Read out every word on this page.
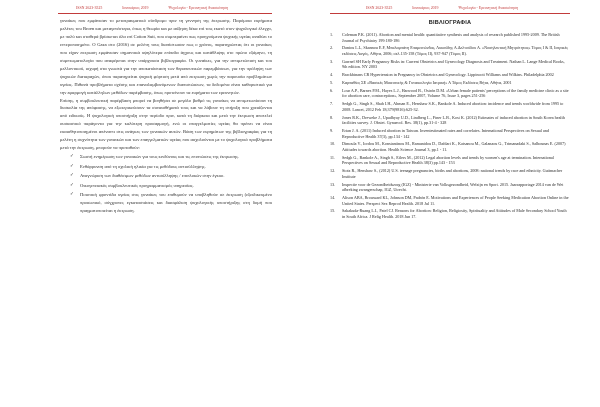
ISSN 2623-3525	Ιανουάριος 2019	Ψυχολογία - Ερευνητική Ανασκόπηση

γυναίκες που εμφάνισαν το μετατραυματικό σύνδρομο πριν τη γεννηση της έκτρωσης. Παρόμοια ευρήματα μελέτες του Broen και μεταγενέστερα, όπως η θεωρία και με αύξηση δέκα επί τοις εκατό στον ψυχολογικό έλεγχο, με πολύ και σταθερά βρίσκεται όλα επί Cotton Sutt, που συμπεραίνει πως προηγούμενα ψυχικής υγείας αναδύει το εντεροποιημένο. Ο Gaza στο (2016) σε μελέτη τους διαπίστωσαν πως ο χρόνος, παρατηρώντας ότι οι γυναίκες που είχαν εκτρωση εμφάνισαν σημαντικά υψηλότερα επίπεδα άγχους και κατάθλιψης στο πρώτο εξάμηνο, τη συμπτωματολογία που αναφέρεται στην υπάρχουσα βιβλιογραφία. Οι γυναίκες, για την αντιμετώπιση και του μελλοντικού, ισχυρή στα γνωστά για την αποκατάσταση των θεραπευτικών παρεμβάσεων, για την πρόληψη των ψυχικών διαταραχών, όπου παρατηρείται ψυχική φόρτιση μετά από εκτρωση χωρίς την παρουσία προβλημάτων υγείας. Πιθανά προβλήματα σχέσης και επαναλαμβανόμενων διαπιστώσεων, τα δεδομένα είναι καθοριστικά για την εφαρμογή κατάλληλων μεθόδων παρέμβασης, όπως προτείνουν τα ευρήματα των ερευνητών.

Επίσης, η συμβουλευτική παρέμβαση μπορεί να βοηθήσει σε μεγάλο βαθμό τις γυναίκες να αντιμετωπίσουν τη δυσκολία της απόφασης, να εξωτερικεύσουν τα συναισθήματά τους και να λάβουν τη στήριξη που χρειάζονται από ειδικούς. Η ψυχολογική υποστήριξη στην περίοδο πριν, κατά τη διάρκεια και μετά την έκτρωση αποτελεί ουσιαστικό παράγοντα για την καλύτερη προσαρμογή, ενώ οι επαγγελματίες υγείας θα πρέπει να είναι ευαισθητοποιημένοι απέναντι στις ανάγκες των γυναικών αυτών. Βάση των ευρημάτων της βιβλιογραφίας για τη μελέτη η συχνότητα των γυναικών και των επαγγελματιών υγείας που ασχολούνται με το ψυχολογικό προβλήματα μετά την έκτρωση, μπορούν να προταθούν:

✓ Σωστή ενημέρωση των γυναικών για τους κινδύνους και τις επιπτώσεις της έκτρωσης.
✓ Ενθάρρυνση από τη σχολική ηλικία για τις μεθόδους αντισύλληψης.
✓ Αναγνώριση των διαθέσιμων μεθόδων αντισύλληψης / επιπλοκών στην έγκυο.
✓ Οικογενειακός συμβουλευτικός προγραμματισμός υπηρεσίας.
✓ Ποιοτική φροντίδα υγείας στις γυναίκες του επιθυμούν να υποβληθούν σε έκτρωση (εξειδικευμένο προσωπικό, σύγχρονες εγκαταστάσεις και διασφάλιση ψυχολογικής υποστήριξης στη δομή που πραγματοποιείται η έκτρωση.
ISSN 2623-3525	Ιανουάριος 2019	Ψυχολογία - Ερευνητική Ανασκόπηση
ΒΙΒΛΙΟΓΡΑΦΙΑ
1.	Coleman P.K. (2011). Abortion and mental health: quantitative synthesis and analysis of research published 1995-2009. The British Journal of Psychiatry 199:180-186
2.	Daniou L.L, Skannou E.F, Μπαλαμπάνη Επαμεινώνδας, Λυκούδης Α.Δελτούδου Α. «Νοσηλευτική Μητρότητας» Τόμος Ι & II, Ιατρικές εκδόσεις Λαγός, Αθήνα, 2006; σελ.135-158 (Τόμος II), 937-947 (Τόμος II).
3.	Garrnel SH Early Pregnancy Risks in: Current Obstetrics and Gynecology Diagnosis and Treatment. Nathan L. Lange Medical Books, 9th edition. NY 2003
4.	Brackbinans CR Hypertension in Pregnancy in Obstetrics and Gynecology. Lippincott Williams and Wilkins. Philadelphia 2002
5.	Καρπαθίος ΣΕ «Βασικές Μαιευτικής & Γυναικολογία Ιατρική» Α Τόμος Εκδόσεις Βήτα, Αθήνα, 2001
6.	Lour A.P., Barnes P.M., Hayes L.J., Harwood B., Ostrón D.M. «Urban female patients' perceptions of the family medicine clinic as a site for abortion care, contraception», September 2007, Volume 76, Issue 3, pages 251-256
7.	Sedgh G., Singh S., Shah I.H., Ahman E., Henshaw S.K., Bankole A. Induced abortion: incidence and trends worldwide from 1995 to 2008. Lancet, 2012 Feb 18;379(9816):625-32.
8.	Jones R.K., Dreweke J., Upadhyay U.D., Lindberg L., Finer L.B., Kost K. (2012) Estimates of induced abortion in South Korea health facilities survey. J. Obstet. Gynaecol. Res. 38(1), pp.31-4 - 328
9.	Ertan J. A. (2011) Induced abortion in Taiwan. Inventestimated rates and correlates. International Perspectives on Sexual and Reproductive Health 37(3), pp.134 - 142
10.	Dimoula V., Iordou M., Konstantinou M., Ramanidou D., Dafdari K., Katsanou M., Galanaou G., Trimanadaki S., Salbounas E. (2007) Attitudes towards abortion. Health Science Journal 3, pp.1 - 11.
11.	Sedgh G., Bankole A., Singh S., Eilers M., (2012) Legal abortion levels and trends by women's age at termination. International Perspectives on Sexual and Reproductive Health 38(3) pp.143 - 153
12.	Stotz R., Henshaw S., (2012) U.S. teenage pregnancies, births and abortions, 2008: national trends by race and ethnicity. Guttmacher Institute
13.	Inspectie voor de Gezondheidszorg (IGZ) - Ministerie van Volksgezondheid, Welzijn en Sport. 2015. Jaarrapportage 2014 van de Wet afbreking zwangerschap, IGZ, Utrecht.
14.	Alison ABA, Broussard KL, Johnson DM, Padrón E. Motivations and Experiences of People Seeking Medication Abortion Online in the United States. Perspect Sex Reprod Health. 2018 Jul 11.
15.	Sakakuda-Ruang L.I., Patel CJ. Reasons for Abortion: Religion, Religiosity, Spirituality and Attitudes of Male Secondary School Youth in South Africa. J Relig Health. 2018 Jun 17.
